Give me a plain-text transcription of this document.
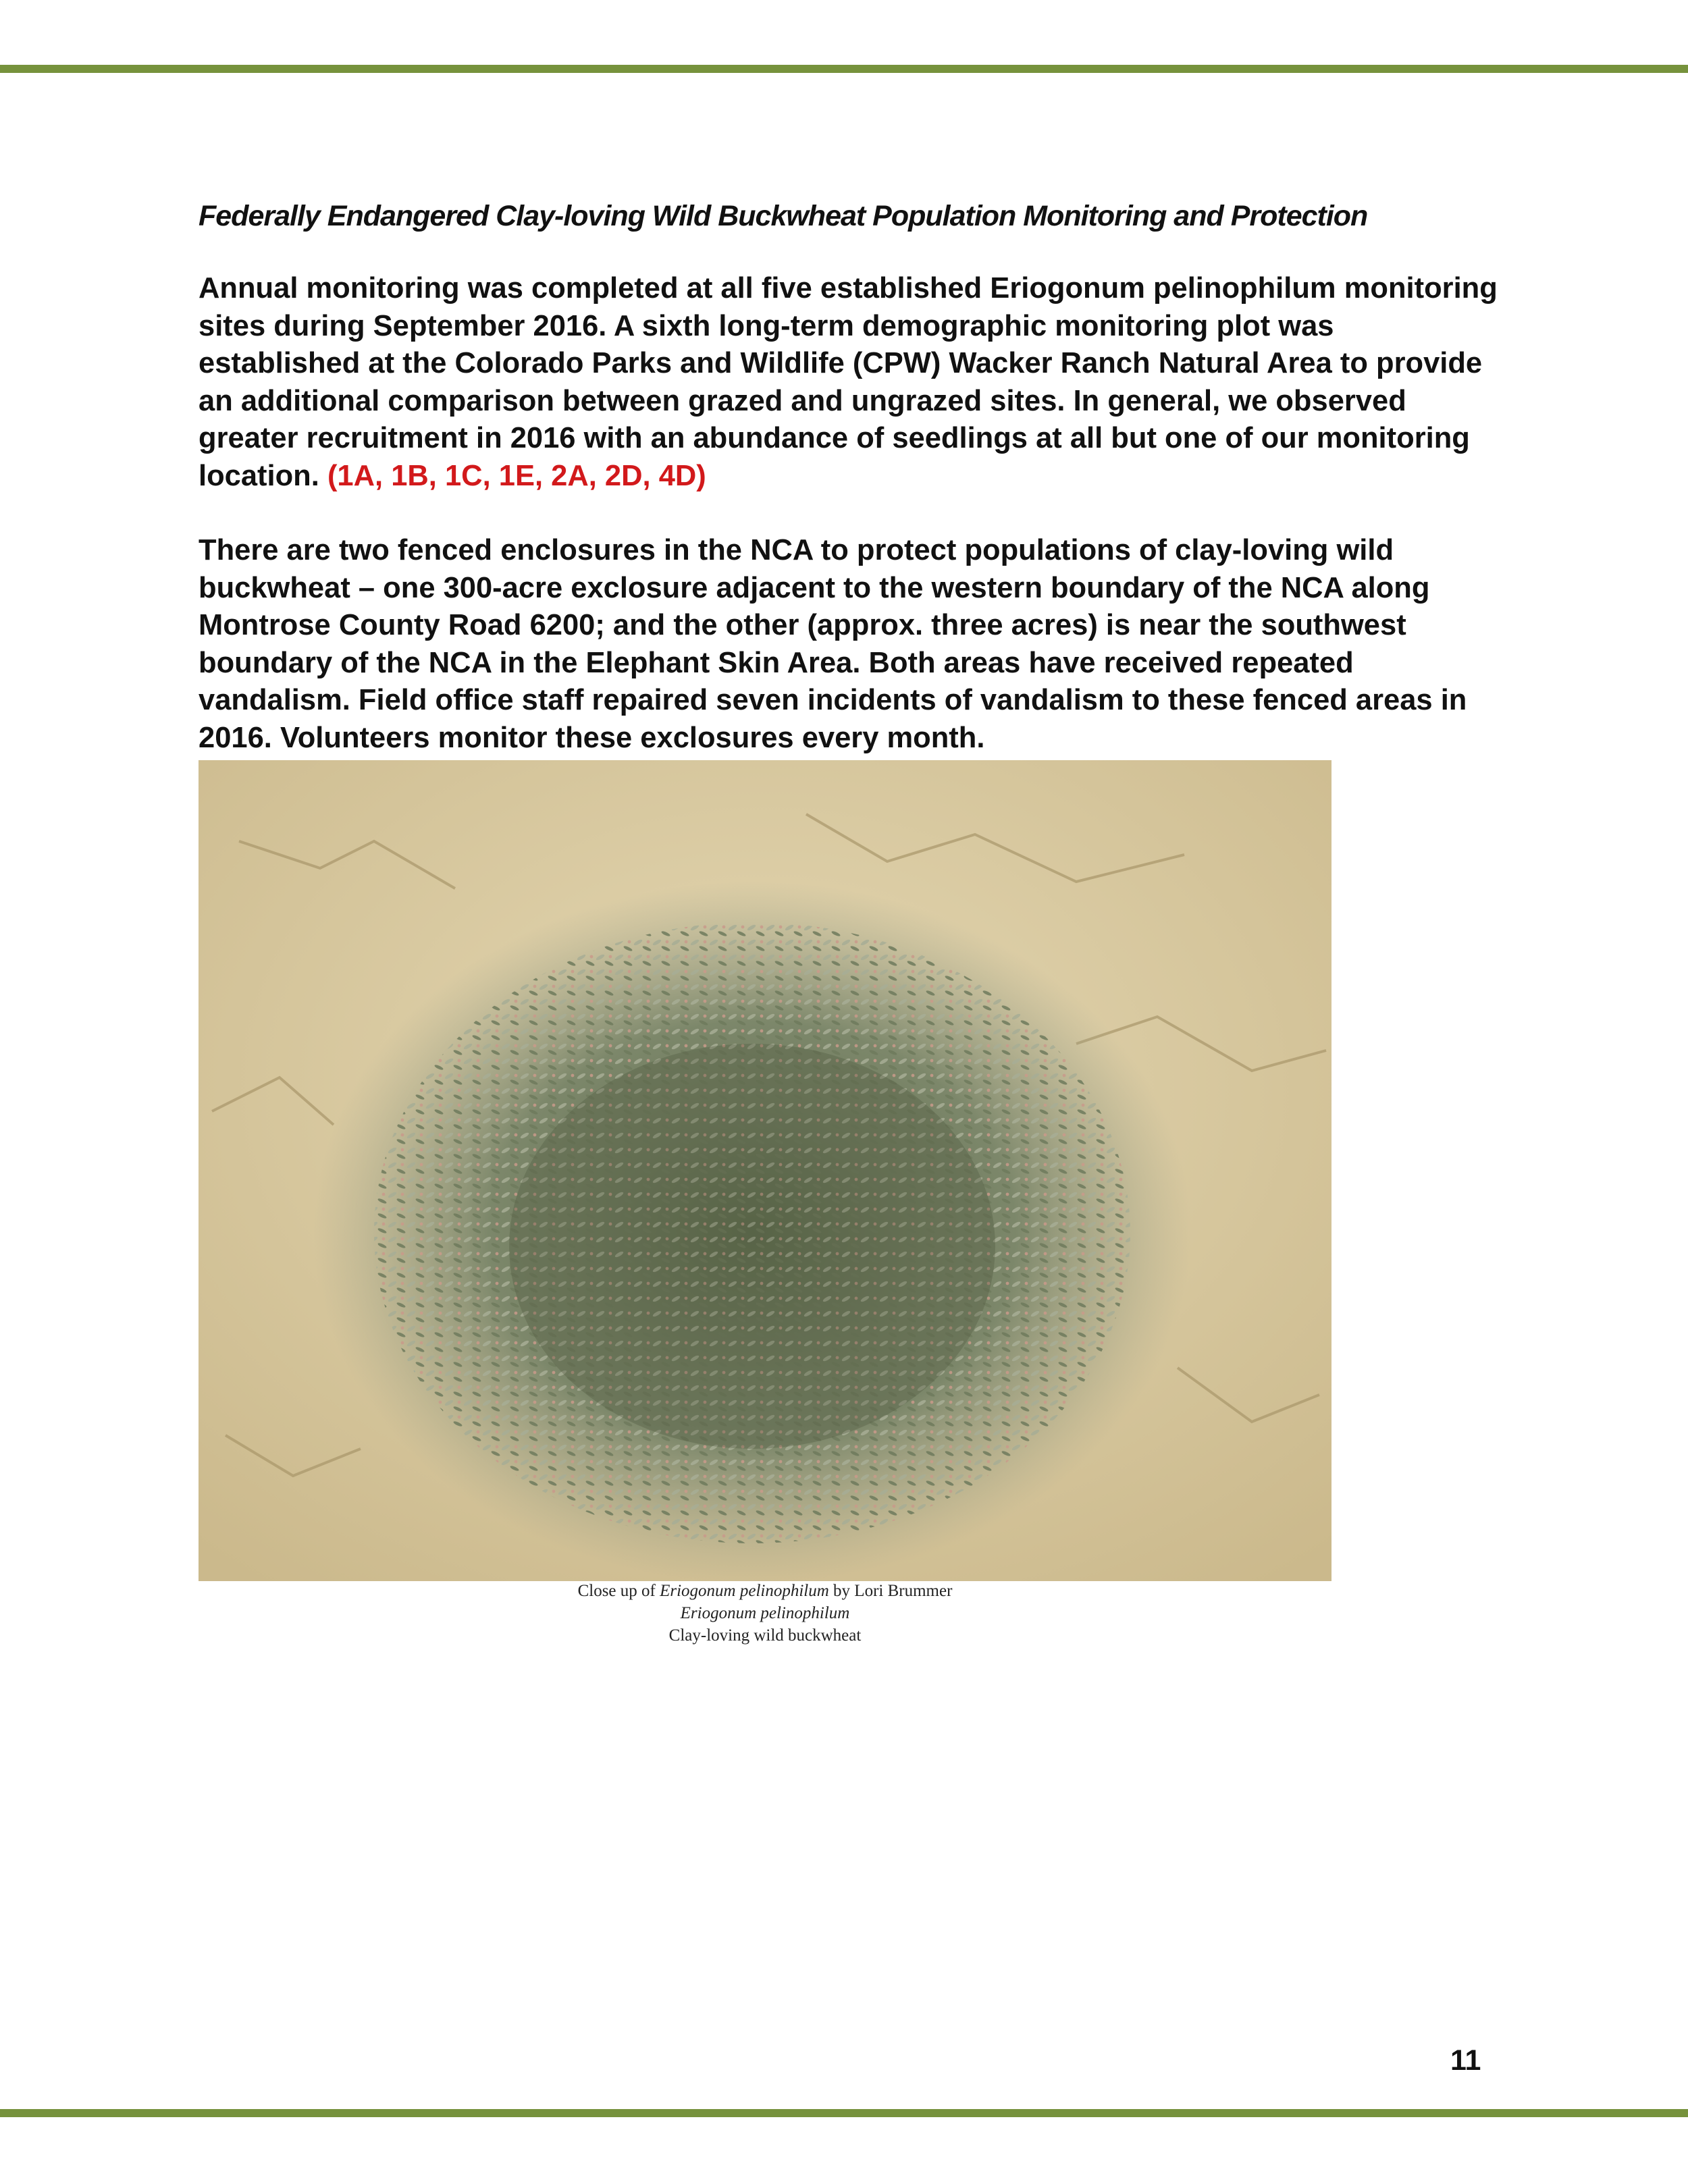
Federally Endangered Clay-loving Wild Buckwheat Population Monitoring and Protection

Annual monitoring was completed at all five established Eriogonum pelinophilum monitoring sites during September 2016. A sixth long-term demographic monitoring plot was established at the Colorado Parks and Wildlife (CPW) Wacker Ranch Natural Area to provide an additional comparison between grazed and ungrazed sites. In general, we observed greater recruitment in 2016 with an abundance of seedlings at all but one of our monitoring location. (1A, 1B, 1C, 1E, 2A, 2D, 4D)

There are two fenced enclosures in the NCA to protect populations of clay-loving wild buckwheat – one 300-acre exclosure adjacent to the western boundary of the NCA along Montrose County Road 6200; and the other (approx. three acres) is near the southwest boundary of the NCA in the Elephant Skin Area. Both areas have received repeated vandalism. Field office staff repaired seven incidents of vandalism to these fenced areas in 2016. Volunteers monitor these exclosures every month.

Close up of Eriogonum pelinophilum by Lori Brummer
Eriogonum pelinophilum
Clay-loving wild buckwheat
11
